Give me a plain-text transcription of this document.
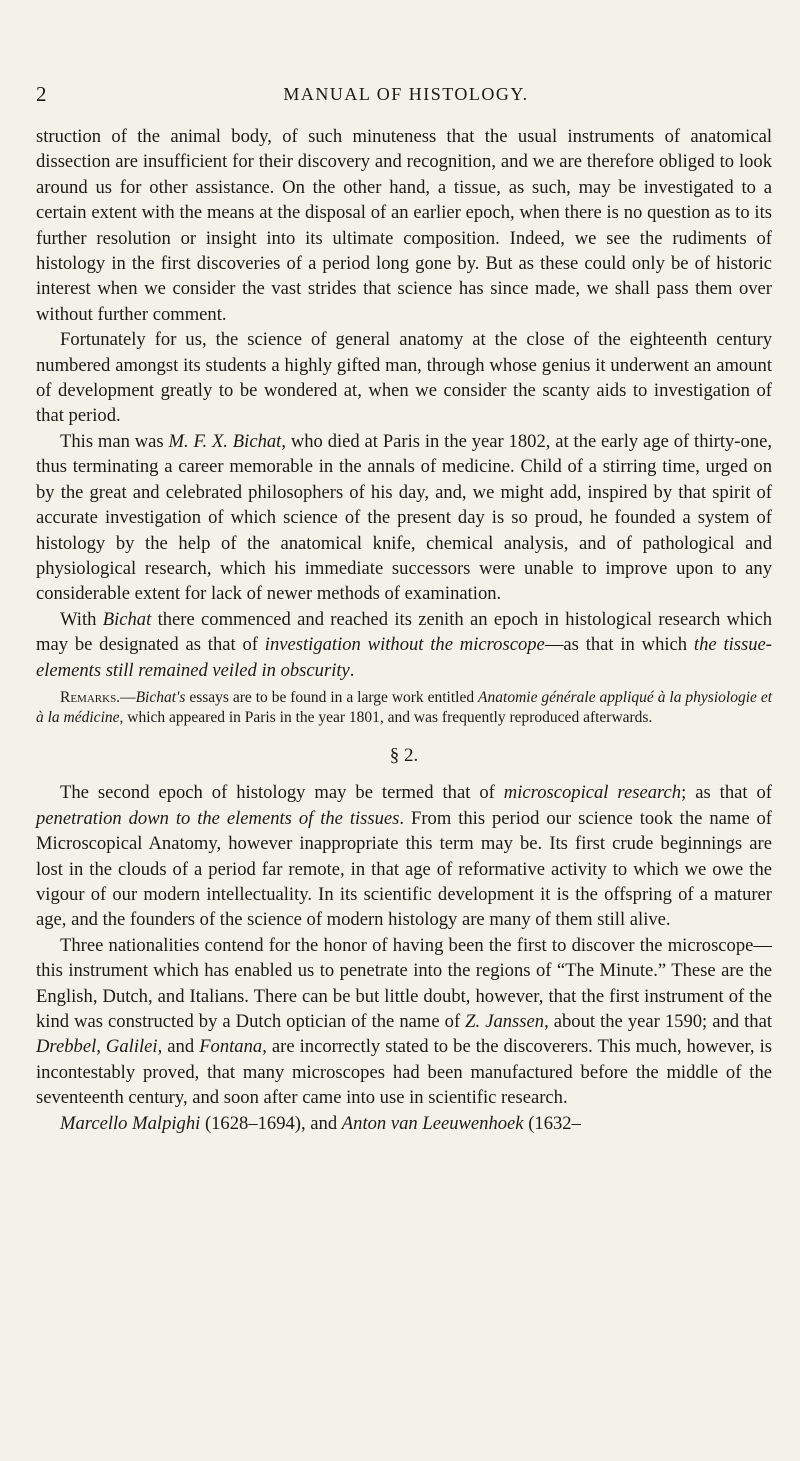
2	MANUAL OF HISTOLOGY.

struction of the animal body, of such minuteness that the usual instruments of anatomical dissection are insufficient for their discovery and recognition, and we are therefore obliged to look around us for other assistance. On the other hand, a tissue, as such, may be investigated to a certain extent with the means at the disposal of an earlier epoch, when there is no question as to its further resolution or insight into its ultimate composition. Indeed, we see the rudiments of histology in the first discoveries of a period long gone by. But as these could only be of historic interest when we consider the vast strides that science has since made, we shall pass them over without further comment.

Fortunately for us, the science of general anatomy at the close of the eighteenth century numbered amongst its students a highly gifted man, through whose genius it underwent an amount of development greatly to be wondered at, when we consider the scanty aids to investigation of that period.

This man was M. F. X. Bichat, who died at Paris in the year 1802, at the early age of thirty-one, thus terminating a career memorable in the annals of medicine. Child of a stirring time, urged on by the great and celebrated philosophers of his day, and, we might add, inspired by that spirit of accurate investigation of which science of the present day is so proud, he founded a system of histology by the help of the anatomical knife, chemical analysis, and of pathological and physiological research, which his immediate successors were unable to improve upon to any considerable extent for lack of newer methods of examination.

With Bichat there commenced and reached its zenith an epoch in histological research which may be designated as that of investigation without the microscope—as that in which the tissue-elements still remained veiled in obscurity.

Remarks.—Bichat's essays are to be found in a large work entitled Anatomie générale appliqué à la physiologie et à la médicine, which appeared in Paris in the year 1801, and was frequently reproduced afterwards.

§ 2.

The second epoch of histology may be termed that of microscopical research; as that of penetration down to the elements of the tissues. From this period our science took the name of Microscopical Anatomy, however inappropriate this term may be. Its first crude beginnings are lost in the clouds of a period far remote, in that age of reformative activity to which we owe the vigour of our modern intellectuality. In its scientific development it is the offspring of a maturer age, and the founders of the science of modern histology are many of them still alive.

Three nationalities contend for the honor of having been the first to discover the microscope—this instrument which has enabled us to penetrate into the regions of “The Minute.” These are the English, Dutch, and Italians. There can be but little doubt, however, that the first instrument of the kind was constructed by a Dutch optician of the name of Z. Janssen, about the year 1590; and that Drebbel, Galilei, and Fontana, are incorrectly stated to be the discoverers. This much, however, is incontestably proved, that many microscopes had been manufactured before the middle of the seventeenth century, and soon after came into use in scientific research.

Marcello Malpighi (1628–1694), and Anton van Leeuwenhoek (1632–
